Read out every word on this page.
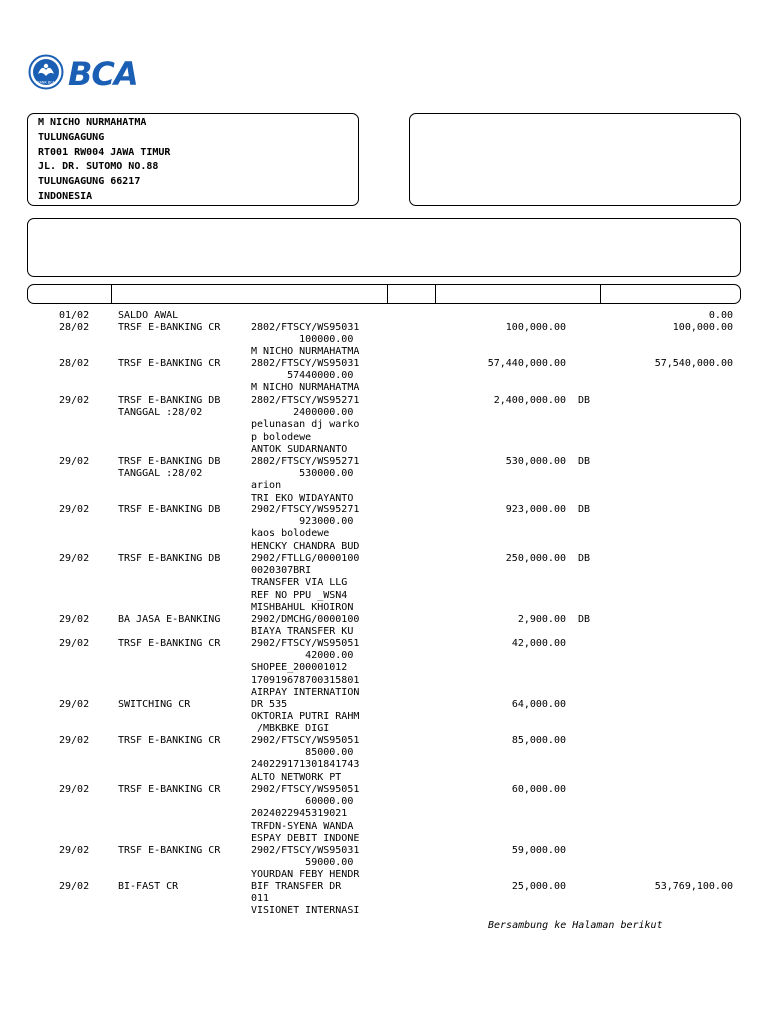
BANK BCA BCA
M NICHO NURMAHATMA
TULUNGAGUNG
RT001 RW004 JAWA TIMUR
JL. DR. SUTOMO NO.88
TULUNGAGUNG 66217
INDONESIA
01/02	SALDO AWAL	0.00
28/02	TRSF E-BANKING CR	2802/FTSCY/WS95031
100000.00
M NICHO NURMAHATMA
100,000.00	100,000.00
28/02	TRSF E-BANKING CR	2802/FTSCY/WS95031
57440000.00
M NICHO NURMAHATMA
57,440,000.00	57,540,000.00
29/02	TRSF E-BANKING DB
TANGGAL :28/02
2802/FTSCY/WS95271
2400000.00
pelunasan dj warko
p bolodewe
ANTOK SUDARNANTO
2,400,000.00 DB
29/02	TRSF E-BANKING DB
TANGGAL :28/02
2802/FTSCY/WS95271
530000.00
arion
TRI EKO WIDAYANTO
530,000.00 DB
29/02	TRSF E-BANKING DB	2902/FTSCY/WS95271
923000.00
kaos bolodewe
HENCKY CHANDRA BUD
923,000.00 DB
29/02	TRSF E-BANKING DB	2902/FTLLG/0000100
0020307BRI
TRANSFER VIA LLG
REF NO PPU _WSN4
MISHBAHUL KHOIRON
250,000.00 DB
29/02	BA JASA E-BANKING	2902/DMCHG/0000100
BIAYA TRANSFER KU
2,900.00 DB
29/02	TRSF E-BANKING CR	2902/FTSCY/WS95051
42000.00
SHOPEE_200001012
170919678700315801
AIRPAY INTERNATION
42,000.00
29/02	SWITCHING CR	DR 535
OKTORIA PUTRI RAHM
/MBKBKE DIGI
64,000.00
29/02	TRSF E-BANKING CR	2902/FTSCY/WS95051
85000.00
240229171301841743
ALTO NETWORK PT
85,000.00
29/02	TRSF E-BANKING CR	2902/FTSCY/WS95051
60000.00
2024022945319021
TRFDN-SYENA WANDA
ESPAY DEBIT INDONE
60,000.00
29/02	TRSF E-BANKING CR	2902/FTSCY/WS95031
59000.00
YOURDAN FEBY HENDR
59,000.00
29/02	BI-FAST CR	BIF TRANSFER DR
011
VISIONET INTERNASI
25,000.00	53,769,100.00
Bersambung ke Halaman berikut
